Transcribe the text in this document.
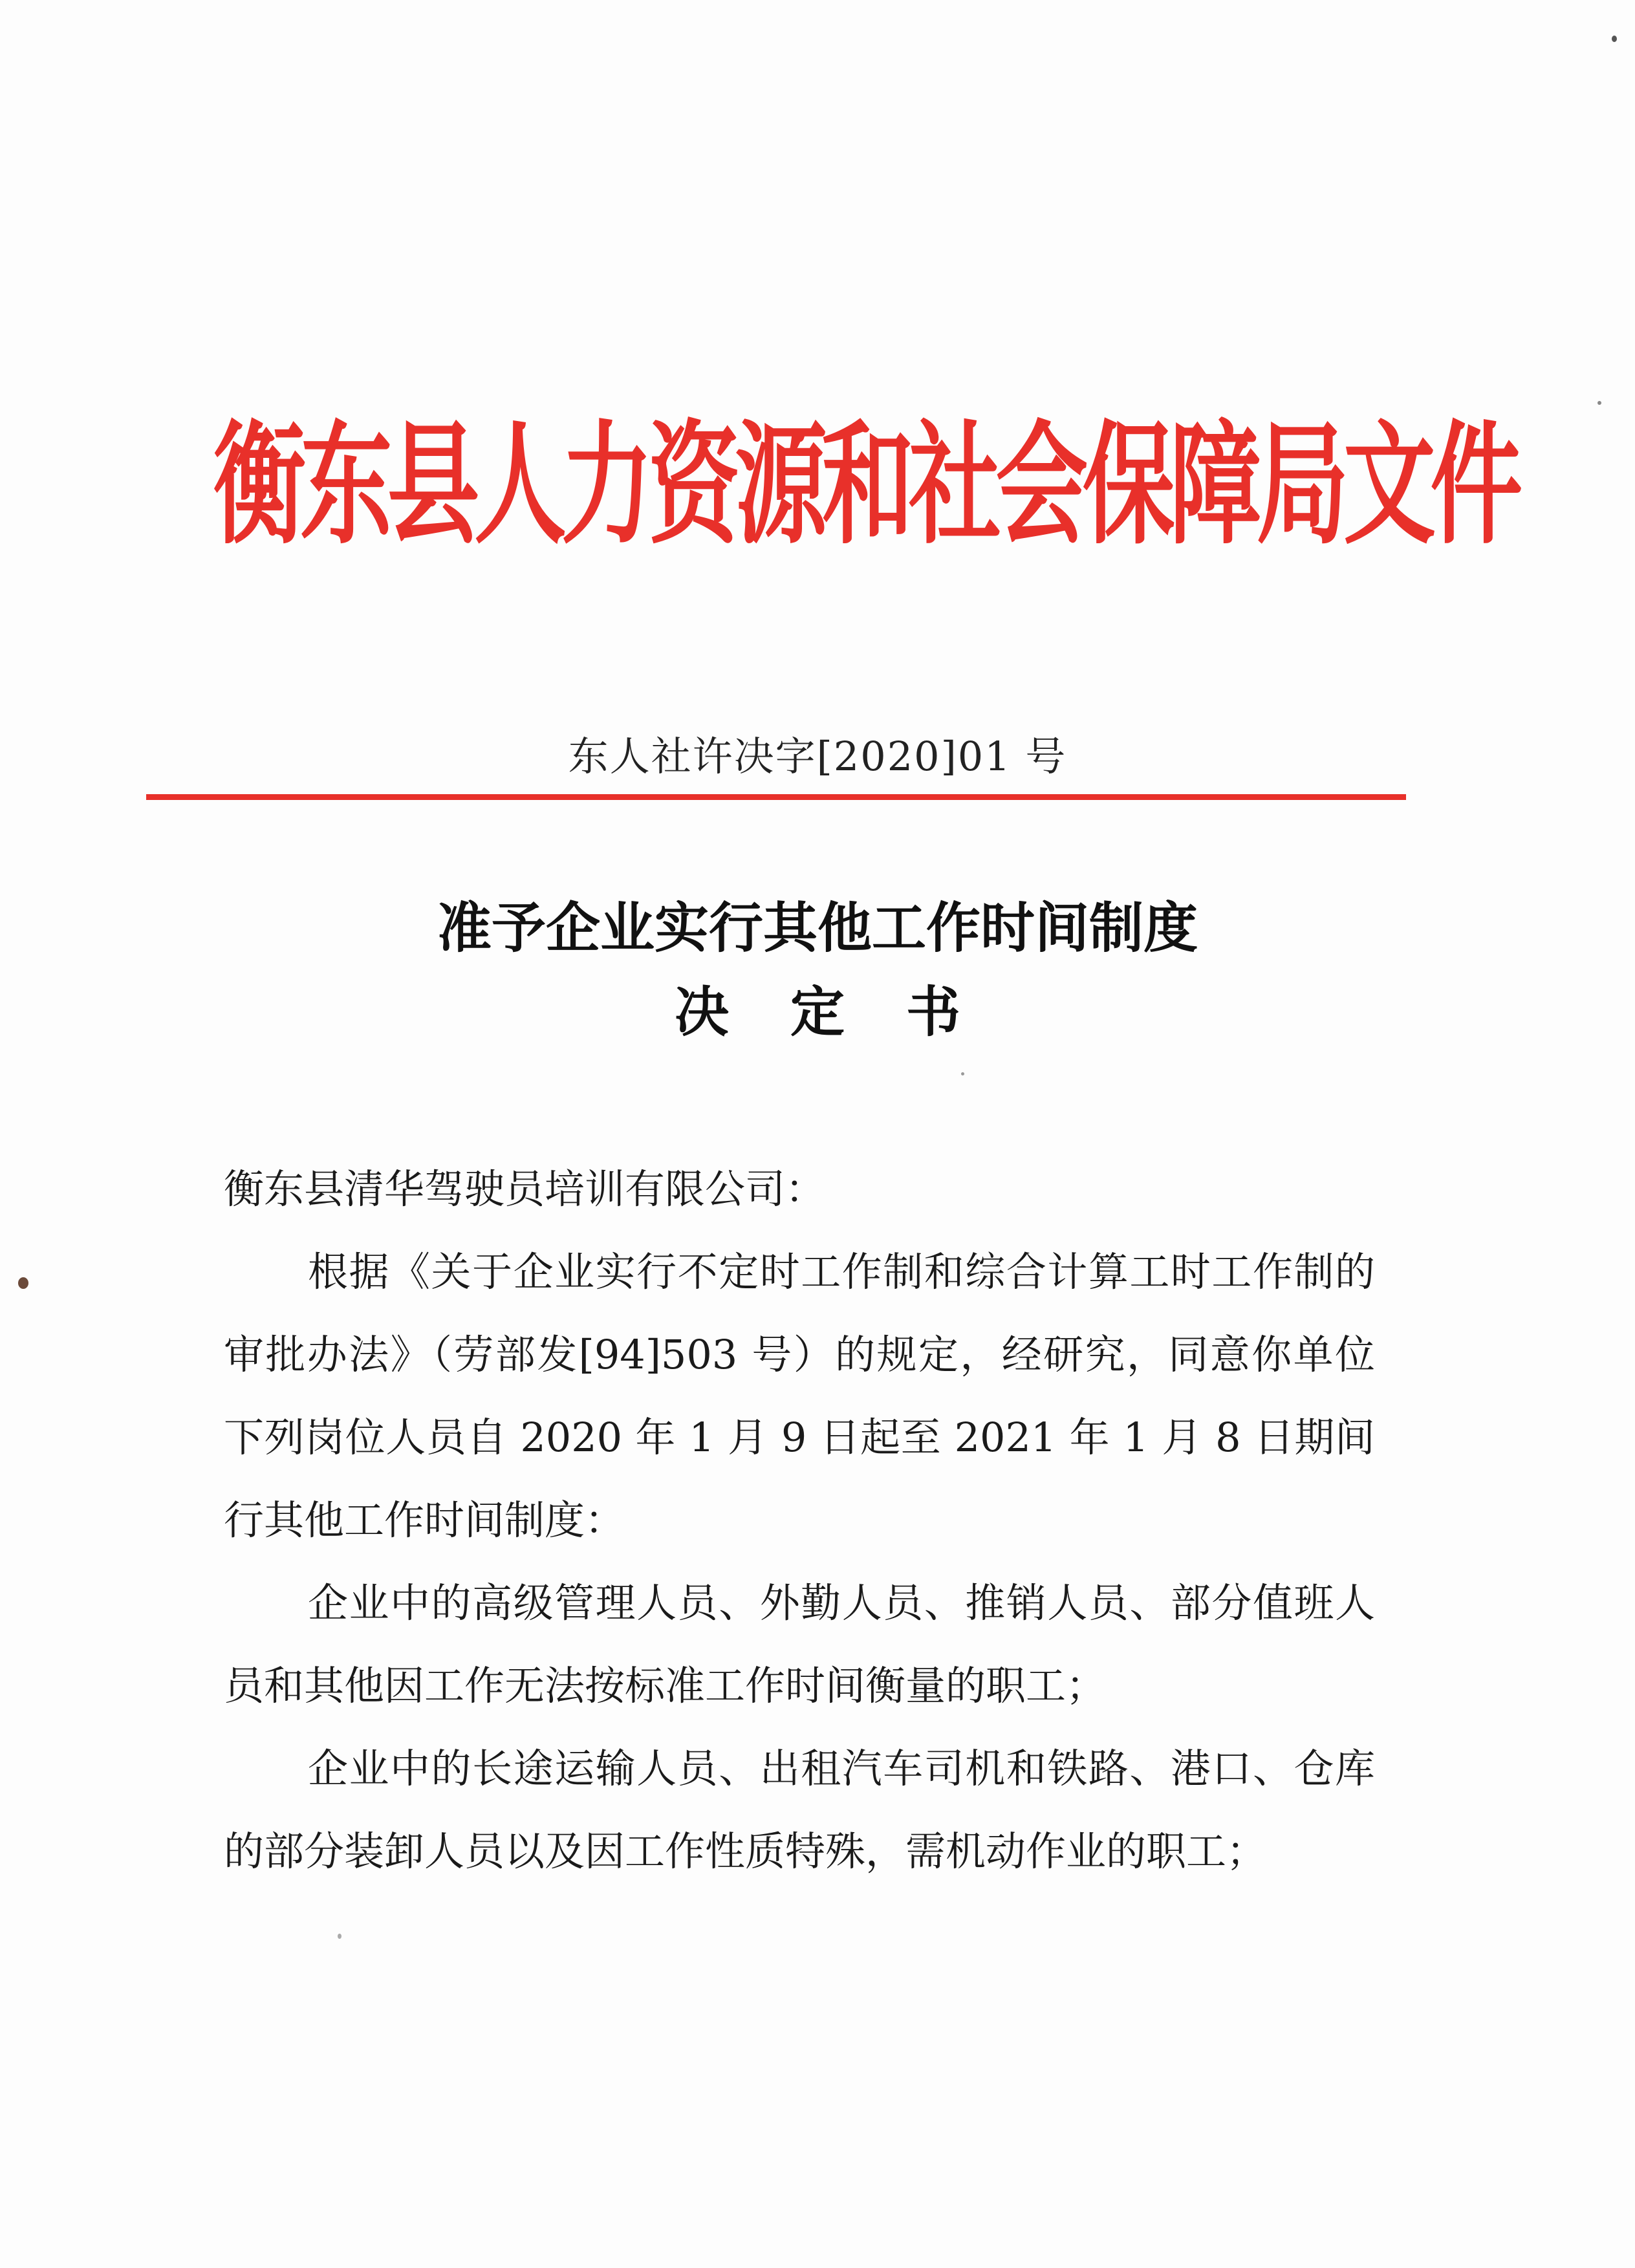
衡东县人力资源和社会保障局文件
东人社许决字[2020]01 号
准予企业实行其他工作时间制度
决定书

衡东县清华驾驶员培训有限公司：

根据《关于企业实行不定时工作制和综合计算工时工作制的审批办法》（劳部发[94]503 号）的规定，经研究，同意你单位下列岗位人员自 2020 年 1 月 9 日起至 2021 年 1 月 8 日期间行其他工作时间制度：

企业中的高级管理人员、外勤人员、推销人员、部分值班人员和其他因工作无法按标准工作时间衡量的职工；

企业中的长途运输人员、出租汽车司机和铁路、港口、仓库的部分装卸人员以及因工作性质特殊，需机动作业的职工；
